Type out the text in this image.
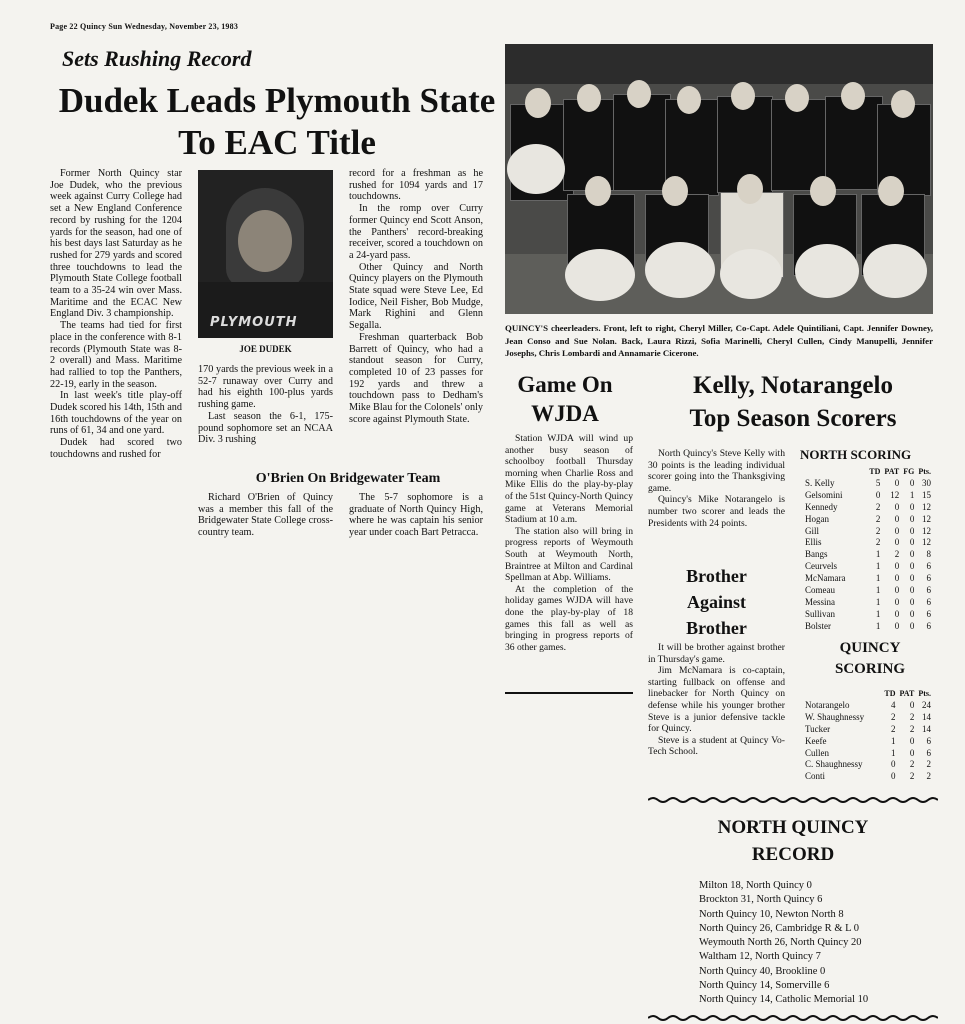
Page 22 Quincy Sun Wednesday, November 23, 1983
Sets Rushing Record
Dudek Leads Plymouth State To EAC Title

Former North Quincy star Joe Dudek, who the previous week against Curry College had set a New England Conference record by rushing for the 1204 yards for the season, had one of his best days last Saturday as he rushed for 279 yards and scored three touchdowns to lead the Plymouth State College football team to a 35-24 win over Mass. Maritime and the ECAC New England Div. 3 championship.

The teams had tied for first place in the conference with 8-1 records (Plymouth State was 8-2 overall) and Mass. Maritime had rallied to top the Panthers, 22-19, early in the season.

In last week's title play-off Dudek scored his 14th, 15th and 16th touchdowns of the year on runs of 61, 34 and one yard.

Dudek had scored two touchdowns and rushed for

PLYMOUTH
JOE DUDEK

170 yards the previous week in a 52-7 runaway over Curry and had his eighth 100-plus yards rushing game.

Last season the 6-1, 175-pound sophomore set an NCAA Div. 3 rushing

record for a freshman as he rushed for 1094 yards and 17 touchdowns.

In the romp over Curry former Quincy end Scott Anson, the Panthers' record-breaking receiver, scored a touchdown on a 24-yard pass.

Other Quincy and North Quincy players on the Plymouth State squad were Steve Lee, Ed Iodice, Neil Fisher, Bob Mudge, Mark Righini and Glenn Segalla.

Freshman quarterback Bob Barrett of Quincy, who had a standout season for Curry, completed 10 of 23 passes for 192 yards and threw a touchdown pass to Dedham's Mike Blau for the Colonels' only score against Plymouth State.

O'Brien On Bridgewater Team

Richard O'Brien of Quincy was a member this fall of the Bridgewater State College cross-country team.

The 5-7 sophomore is a graduate of North Quincy High, where he was captain his senior year under coach Bart Petracca.

QUINCY'S cheerleaders. Front, left to right, Cheryl Miller, Co-Capt. Adele Quintiliani, Capt. Jennifer Downey, Jean Conso and Sue Nolan. Back, Laura Rizzi, Sofia Marinelli, Cheryl Cullen, Cindy Manupelli, Jennifer Josephs, Chris Lombardi and Annamarie Cicerone.
Game On
WJDA

Station WJDA will wind up another busy season of schoolboy football Thursday morning when Charlie Ross and Mike Ellis do the play-by-play of the 51st Quincy-North Quincy game at Veterans Memorial Stadium at 10 a.m.

The station also will bring in progress reports of Weymouth South at Weymouth North, Braintree at Milton and Cardinal Spellman at Abp. Williams.

At the completion of the holiday games WJDA will have done the play-by-play of 18 games this fall as well as bringing in progress reports of 36 other games.

Kelly, Notarangelo
Top Season Scorers

North Quincy's Steve Kelly with 30 points is the leading individual scorer going into the Thanksgiving game.

Quincy's Mike Notarangelo is number two scorer and leads the Presidents with 24 points.

Brother
Against
Brother

It will be brother against brother in Thursday's game.

Jim McNamara is co-captain, starting fullback on offense and linebacker for North Quincy on defense while his younger brother Steve is a junior defensive tackle for Quincy.

Steve is a student at Quincy Vo-Tech School.

NORTH SCORING
	TD	PAT	FG	Pts.
S. Kelly	5	0	0	30
Gelsomini	0	12	1	15
Kennedy	2	0	0	12
Hogan	2	0	0	12
Gill	2	0	0	12
Ellis	2	0	0	12
Bangs	1	2	0	8
Ceurvels	1	0	0	6
McNamara	1	0	0	6
Comeau	1	0	0	6
Messina	1	0	0	6
Sullivan	1	0	0	6
Bolster	1	0	0	6
QUINCY
SCORING
	TD	PAT	Pts.
Notarangelo	4	0	24
W. Shaughnessy	2	2	14
Tucker	2	2	14
Keefe	1	0	6
Cullen	1	0	6
C. Shaughnessy	0	2	2
Conti	0	2	2
NORTH QUINCY
RECORD
Milton 18, North Quincy 0
Brockton 31, North Quincy 6
North Quincy 10, Newton North 8
North Quincy 26, Cambridge R & L 0
Weymouth North 26, North Quincy 20
Waltham 12, North Quincy 7
North Quincy 40, Brookline 0
North Quincy 14, Somerville 6
North Quincy 14, Catholic Memorial 10
